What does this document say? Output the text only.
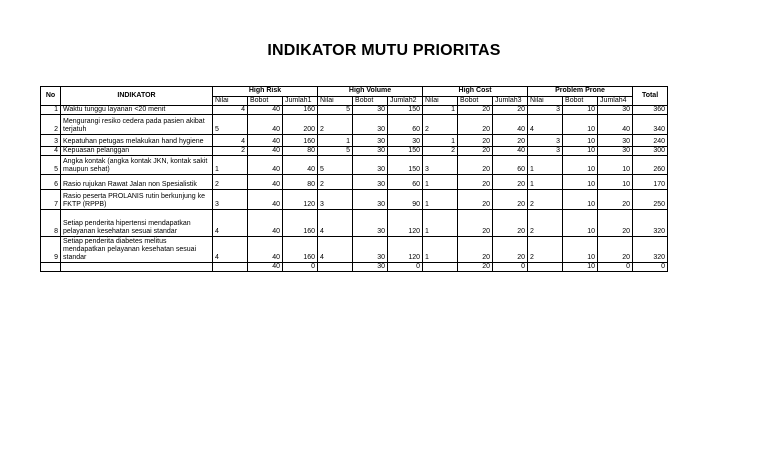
INDIKATOR MUTU PRIORITAS
No	INDIKATOR	High Risk			High Volume			High Cost			Problem Prone			Total
		Nilai	Bobot	Jumlah1	Nilai	Bobot	Jumlah2	Nilai	Bobot	Jumlah3	Nilai	Bobot	Jumlah4	
1	Waktu tunggu layanan <20 menit	4	40	160	5	30	150	1	20	20	3	10	30	360
2	Mengurangi resiko cedera pada pasien akibat terjatuh	5	40	200	2	30	60	2	20	40	4	10	40	340
3	Kepatuhan petugas melakukan hand hygiene	4	40	160	1	30	30	1	20	20	3	10	30	240
4	Kepuasan pelanggan	2	40	80	5	30	150	2	20	40	3	10	30	300
5	Angka kontak (angka kontak JKN, kontak sakit maupun sehat)	1	40	40	5	30	150	3	20	60	1	10	10	260
6	Rasio rujukan Rawat Jalan non Spesialistik	2	40	80	2	30	60	1	20	20	1	10	10	170
7	Rasio peserta PROLANIS rutin berkunjung ke FKTP (RPPB)	3	40	120	3	30	90	1	20	20	2	10	20	250
8	Setiap penderita hipertensi mendapatkan pelayanan kesehatan sesuai standar	4	40	160	4	30	120	1	20	20	2	10	20	320
9	Setiap penderita diabetes melitus mendapatkan pelayanan kesehatan sesuai standar	4	40	160	4	30	120	1	20	20	2	10	20	320
			40	0		30	0		20	0		10	0	0
